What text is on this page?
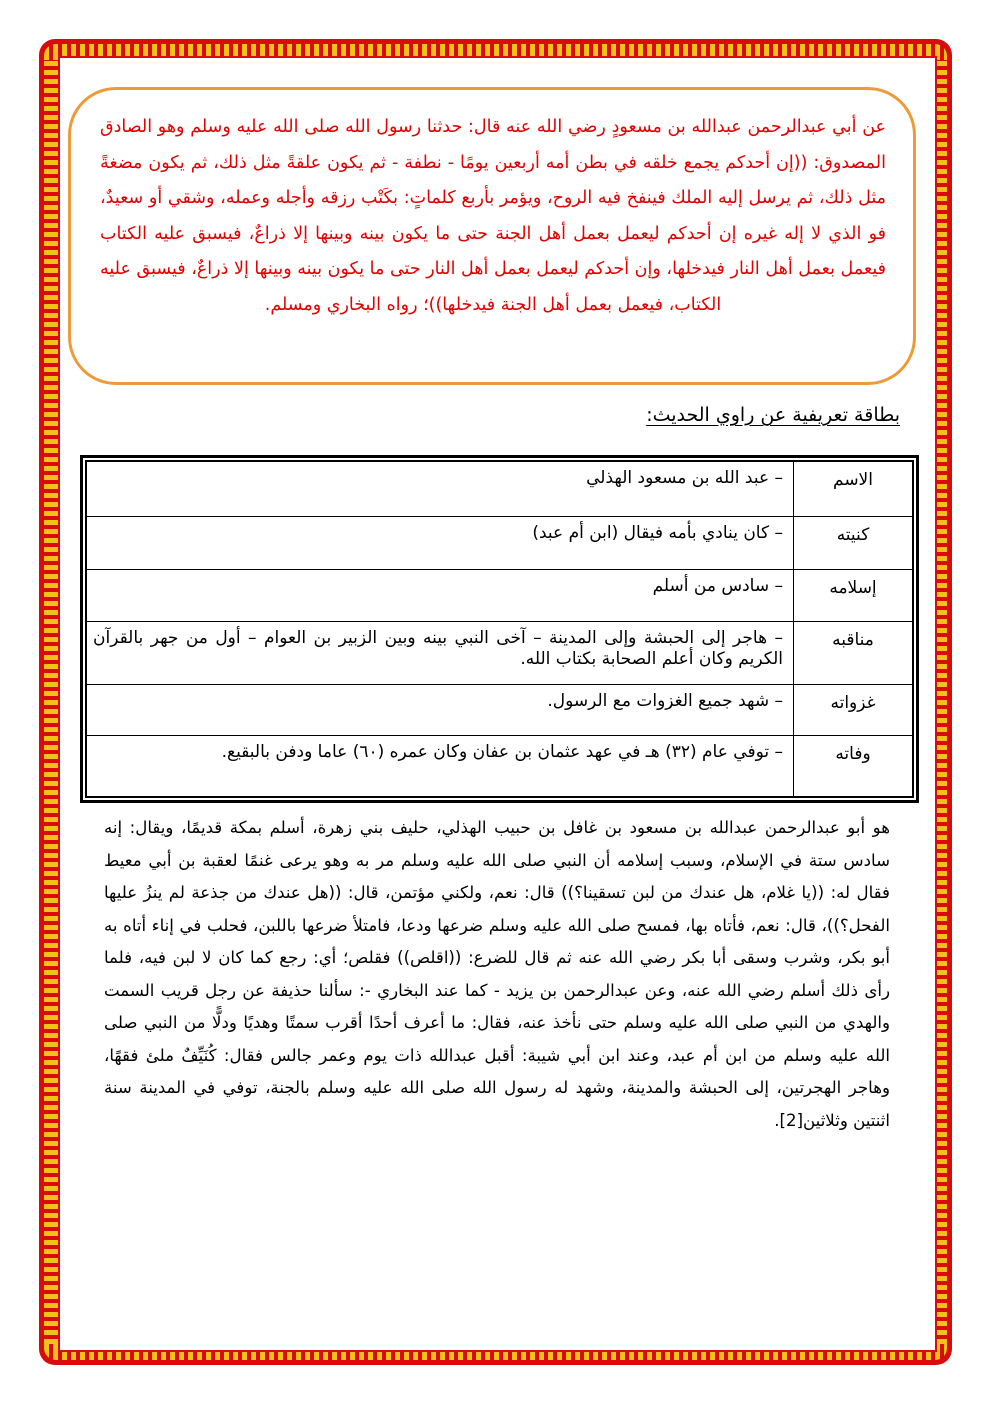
عن أبي عبدالرحمن عبدالله بن مسعودٍ رضي الله عنه قال: حدثنا رسول الله صلى الله عليه وسلم وهو الصادق المصدوق: ((إن أحدكم يجمع خلقه في بطن أمه أربعين يومًا - نطفة - ثم يكون علقةً مثل ذلك، ثم يكون مضغةً مثل ذلك، ثم يرسل إليه الملك فينفخ فيه الروح، ويؤمر بأربع كلماتٍ: بكَتْب رزقه وأجله وعمله، وشقي أو سعيدٌ، فو الذي لا إله غيره إن أحدكم ليعمل بعمل أهل الجنة حتى ما يكون بينه وبينها إلا ذراعٌ، فيسبق عليه الكتاب فيعمل بعمل أهل النار فيدخلها، وإن أحدكم ليعمل بعمل أهل النار حتى ما يكون بينه وبينها إلا ذراعٌ، فيسبق عليه الكتاب، فيعمل بعمل أهل الجنة فيدخلها))؛ رواه البخاري ومسلم.
بطاقة تعريفية عن راوي الحديث:
الاسم	– عبد الله بن مسعود الهذلي
كنيته	– كان ينادي بأمه فيقال (ابن أم عبد)
إسلامه	– سادس من أسلم
مناقبه	– هاجر إلى الحبشة وإلى المدينة – آخى النبي بينه وبين الزبير بن العوام – أول من جهر بالقرآن الكريم وكان أعلم الصحابة بكتاب الله.
غزواته	– شهد جميع الغزوات مع الرسول.
وفاته	– توفي عام (٣٢) هـ في عهد عثمان بن عفان وكان عمره (٦٠) عاما ودفن بالبقيع.
هو أبو عبدالرحمن عبدالله بن مسعود بن غافل بن حبيب الهذلي، حليف بني زهرة، أسلم بمكة قديمًا، ويقال: إنه سادس ستة في الإسلام، وسبب إسلامه أن النبي صلى الله عليه وسلم مر به وهو يرعى غنمًا لعقبة بن أبي معيط فقال له: ((يا غلام، هل عندك من لبن تسقينا؟)) قال: نعم، ولكني مؤتمن، قال: ((هل عندك من جذعة لم ينزُ عليها الفحل؟))، قال: نعم، فأتاه بها، فمسح صلى الله عليه وسلم ضرعها ودعا، فامتلأ ضرعها باللبن، فحلب في إناء أتاه به أبو بكر، وشرب وسقى أبا بكر رضي الله عنه ثم قال للضرع: ((اقلص)) فقلص؛ أي: رجع كما كان لا لبن فيه، فلما رأى ذلك أسلم رضي الله عنه، وعن عبدالرحمن بن يزيد - كما عند البخاري -: سألنا حذيفة عن رجل قريب السمت والهدي من النبي صلى الله عليه وسلم حتى نأخذ عنه، فقال: ما أعرف أحدًا أقرب سمتًا وهديًا ودلًّا من النبي صلى الله عليه وسلم من ابن أم عبد، وعند ابن أبي شيبة: أقبل عبدالله ذات يوم وعمر جالس فقال: كُنَيِّفٌ ملئ فقهًا، وهاجر الهجرتين، إلى الحبشة والمدينة، وشهد له رسول الله صلى الله عليه وسلم بالجنة، توفي في المدينة سنة اثنتين وثلاثين[2].
